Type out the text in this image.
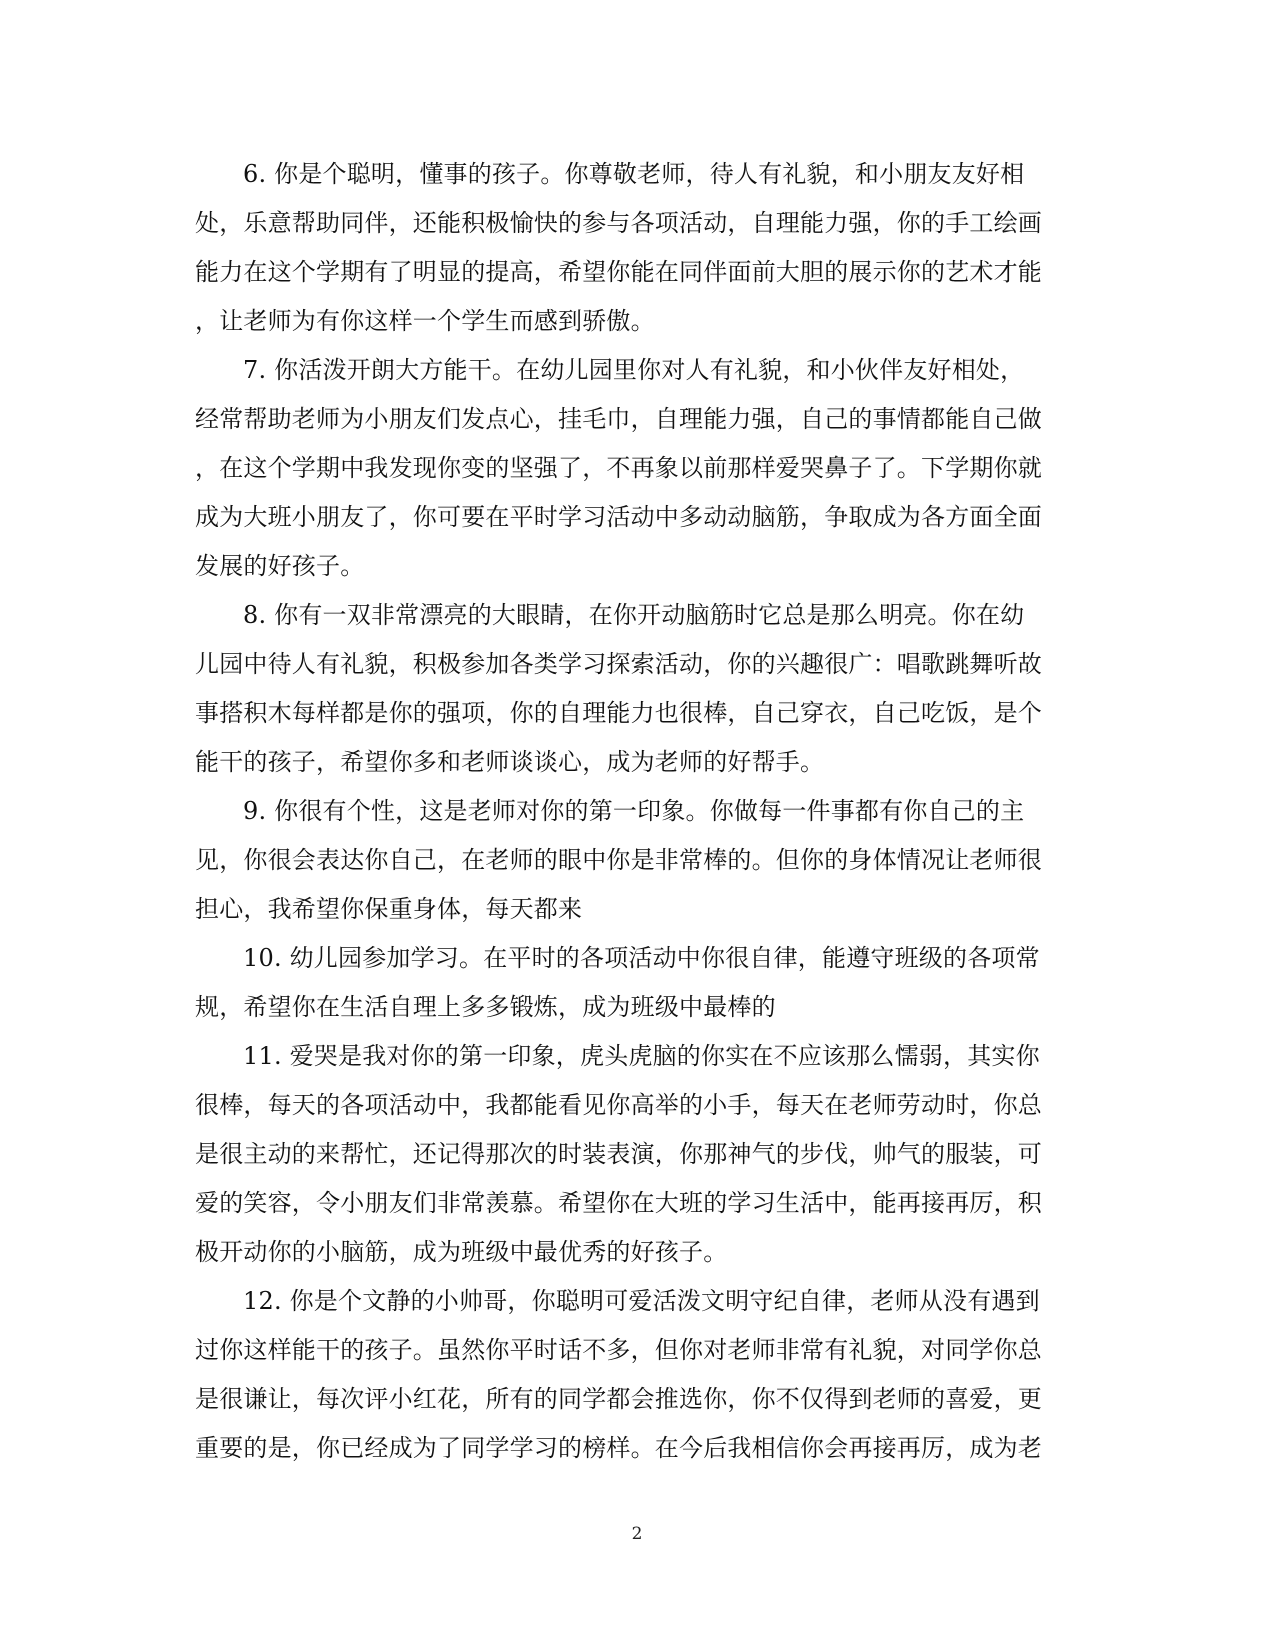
6. 你是个聪明，懂事的孩子。你尊敬老师，待人有礼貌，和小朋友友好相
处，乐意帮助同伴，还能积极愉快的参与各项活动，自理能力强，你的手工绘画
能力在这个学期有了明显的提高，希望你能在同伴面前大胆的展示你的艺术才能
，让老师为有你这样一个学生而感到骄傲。
7. 你活泼开朗大方能干。在幼儿园里你对人有礼貌，和小伙伴友好相处，
经常帮助老师为小朋友们发点心，挂毛巾，自理能力强，自己的事情都能自己做
，在这个学期中我发现你变的坚强了，不再象以前那样爱哭鼻子了。下学期你就
成为大班小朋友了，你可要在平时学习活动中多动动脑筋，争取成为各方面全面
发展的好孩子。
8. 你有一双非常漂亮的大眼睛，在你开动脑筋时它总是那么明亮。你在幼
儿园中待人有礼貌，积极参加各类学习探索活动，你的兴趣很广：唱歌跳舞听故
事搭积木每样都是你的强项，你的自理能力也很棒，自己穿衣，自己吃饭，是个
能干的孩子，希望你多和老师谈谈心，成为老师的好帮手。
9. 你很有个性，这是老师对你的第一印象。你做每一件事都有你自己的主
见，你很会表达你自己，在老师的眼中你是非常棒的。但你的身体情况让老师很
担心，我希望你保重身体，每天都来
10. 幼儿园参加学习。在平时的各项活动中你很自律，能遵守班级的各项常
规，希望你在生活自理上多多锻炼，成为班级中最棒的
11. 爱哭是我对你的第一印象，虎头虎脑的你实在不应该那么懦弱，其实你
很棒，每天的各项活动中，我都能看见你高举的小手，每天在老师劳动时，你总
是很主动的来帮忙，还记得那次的时装表演，你那神气的步伐，帅气的服装，可
爱的笑容，令小朋友们非常羡慕。希望你在大班的学习生活中，能再接再厉，积
极开动你的小脑筋，成为班级中最优秀的好孩子。
12. 你是个文静的小帅哥，你聪明可爱活泼文明守纪自律，老师从没有遇到
过你这样能干的孩子。虽然你平时话不多，但你对老师非常有礼貌，对同学你总
是很谦让，每次评小红花，所有的同学都会推选你，你不仅得到老师的喜爱，更
重要的是，你已经成为了同学学习的榜样。在今后我相信你会再接再厉，成为老
2
